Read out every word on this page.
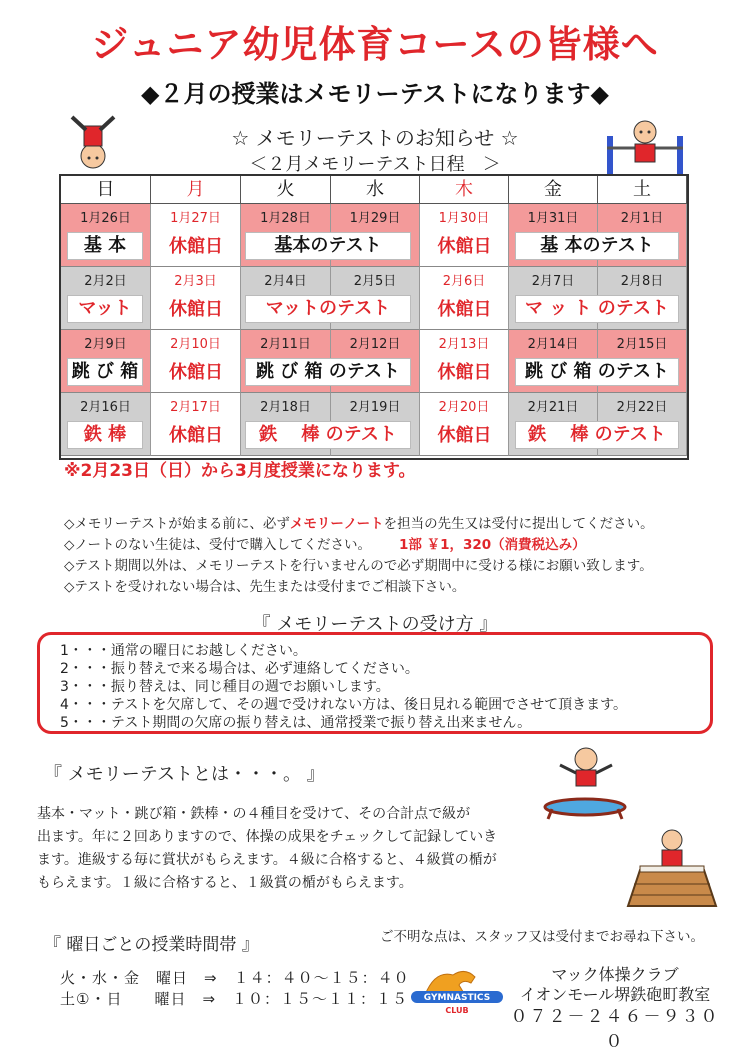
ジュニア幼児体育コースの皆様へ
◆２月の授業はメモリーテストになります◆
☆ メモリーテストのお知らせ ☆
＜２月メモリーテスト日程　＞
日	月	火	水	木	金	土
1月26日	1月27日	1月28日	1月29日	1月30日	1月31日	2月1日
基 本	休館日	基本のテスト	休館日	基 本のテスト
2月2日	2月3日	2月4日	2月5日	2月6日	2月7日	2月8日
マット	休館日	マットのテスト	休館日	マ ッ ト のテスト
2月9日	2月10日	2月11日	2月12日	2月13日	2月14日	2月15日
跳 び 箱	休館日	跳 び 箱 のテスト	休館日	跳 び 箱 のテスト
2月16日	2月17日	2月18日	2月19日	2月20日	2月21日	2月22日
鉄 棒	休館日	鉄　 棒 のテスト	休館日	鉄　 棒 のテスト
※2月23日（日）から3月度授業になります。
◇メモリーテストが始まる前に、必ずメモリーノートを担当の先生又は受付に提出してください。
◇ノートのない生徒は、受付で購入してください。 1部 ￥1，320（消費税込み）
◇テスト期間以外は、メモリーテストを行いませんので必ず期間中に受ける様にお願い致します。
◇テストを受けれない場合は、先生または受付までご相談下さい。
『 メモリーテストの受け方 』
1・・・通常の曜日にお越しください。
2・・・振り替えで来る場合は、必ず連絡してください。
3・・・振り替えは、同じ種目の週でお願いします。
4・・・テストを欠席して、その週で受けれない方は、後日見れる範囲でさせて頂きます。
5・・・テスト期間の欠席の振り替えは、通常授業で振り替え出来ません。
『 メモリーテストとは・・・。 』
基本・マット・跳び箱・鉄棒・の４種目を受けて、その合計点で級が
出ます。年に２回ありますので、体操の成果をチェックして記録していき
ます。進級する毎に賞状がもらえます。４級に合格すると、４級賞の楯が
もらえます。１級に合格すると、１級賞の楯がもらえます。
『 曜日ごとの授業時間帯 』	ご不明な点は、スタッフ又は受付までお尋ね下さい。
火・水・金　曜日　⇒　１４：４０〜１５：４０
土①・日　　曜日　⇒　１０：１５〜１１：１５ GYMNASTICS
CLUB
マック体操クラブ
イオンモール堺鉄砲町教室
０７２－２４６－９３００
